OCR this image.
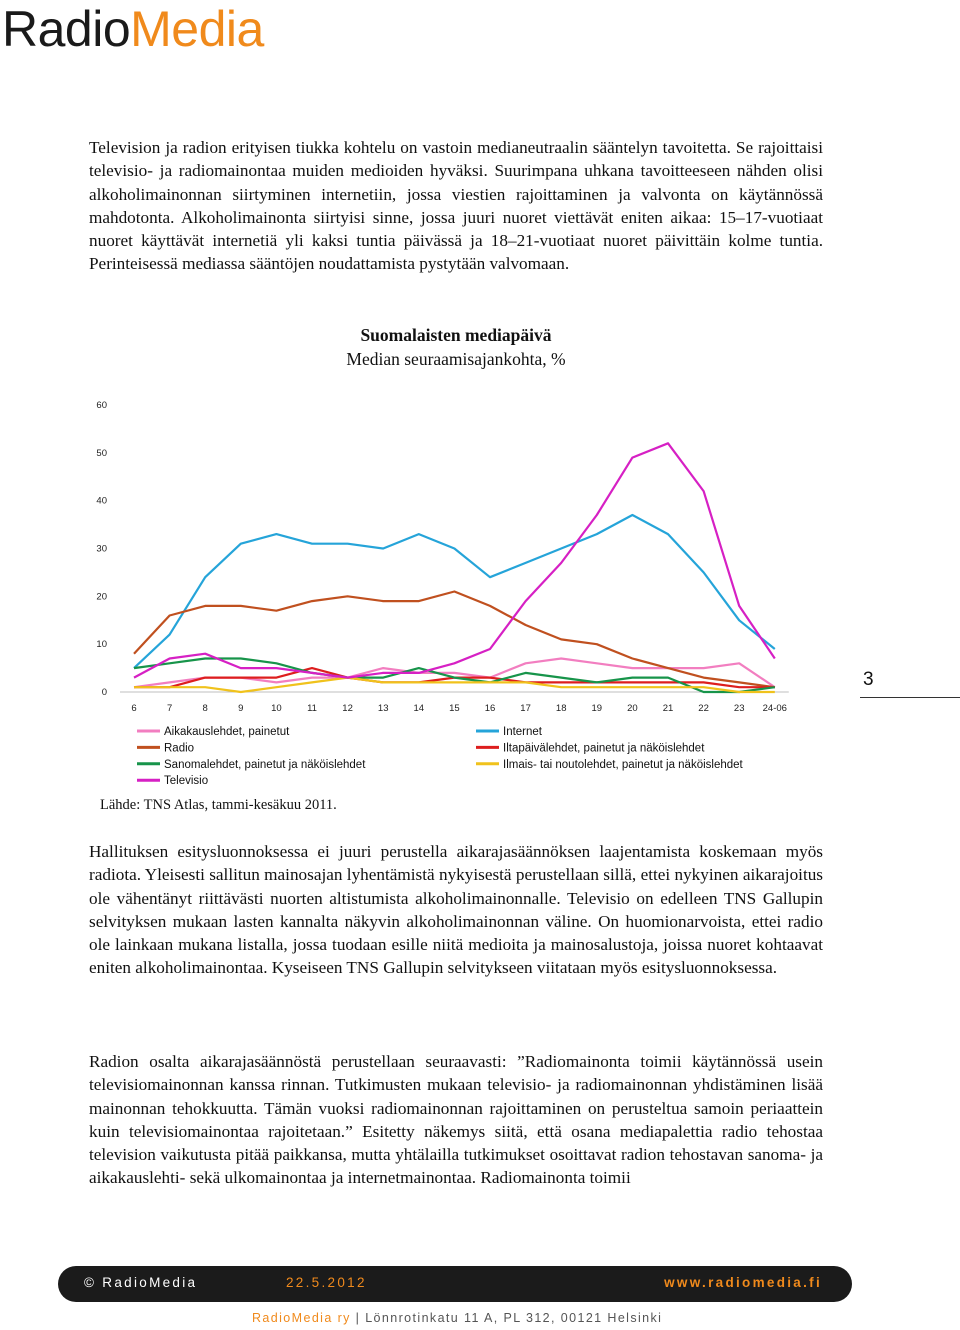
RadioMedia

Television ja radion erityisen tiukka kohtelu on vastoin medianeutraalin sääntelyn tavoitetta. Se rajoittaisi televisio- ja radiomainontaa muiden medioiden hyväksi. Suurimpana uhkana tavoitteeseen nähden olisi alkoholimainonnan siirtyminen internetiin, jossa viestien rajoittaminen ja valvonta on käytännössä mahdotonta. Alkoholimainonta siirtyisi sinne, jossa juuri nuoret viettävät eniten aikaa: 15–17-vuotiaat nuoret käyttävät internetiä yli kaksi tuntia päivässä ja 18–21-vuotiaat nuoret päivittäin kolme tuntia. Perinteisessä mediassa sääntöjen noudattamista pystytään valvomaan.

Suomalaisten mediapäivä

Median seuraamisajankohta, %

0
10
20
30
40
50
60
6	7	8	9	10	11	12	13	14	15	16	17	18	19	20	21	22	23 24-06
Aikakauslehdet, painetut	Internet
Radio	Iltapäivälehdet, painetut ja näköislehdet
Sanomalehdet, painetut ja näköislehdet	Ilmais- tai noutolehdet, painetut ja näköislehdet
Televisio
Lähde: TNS Atlas, tammi-kesäkuu 2011.
3

Hallituksen esitysluonnoksessa ei juuri perustella aikarajasäännöksen laajentamista koskemaan myös radiota. Yleisesti sallitun mainosajan lyhentämistä nykyisestä perustellaan sillä, ettei nykyinen aikarajoitus ole vähentänyt riittävästi nuorten altistumista alkoholimainonnalle. Televisio on edelleen TNS Gallupin selvityksen mukaan lasten kannalta näkyvin alkoholimainonnan väline. On huomionarvoista, ettei radio ole lainkaan mukana listalla, jossa tuodaan esille niitä medioita ja mainosalustoja, joissa nuoret kohtaavat eniten alkoholimainontaa. Kyseiseen TNS Gallupin selvitykseen viitataan myös esitysluonnoksessa.

Radion osalta aikarajasäännöstä perustellaan seuraavasti: ”Radiomainonta toimii käytännössä usein televisiomainonnan kanssa rinnan. Tutkimusten mukaan televisio- ja radiomainonnan yhdistäminen lisää mainonnan tehokkuutta. Tämän vuoksi radiomainonnan rajoittaminen on perusteltua samoin periaattein kuin televisiomainontaa rajoitetaan.” Esitetty näkemys siitä, että osana mediapalettia radio tehostaa television vaikutusta pitää paikkansa, mutta yhtälailla tutkimukset osoittavat radion tehostavan sanoma- ja aikakauslehti- sekä ulkomainontaa ja internetmainontaa. Radiomainonta toimii

© RadioMedia	22.5.2012	www.radiomedia.fi
RadioMedia ry | Lönnrotinkatu 11 A, PL 312, 00121 Helsinki
